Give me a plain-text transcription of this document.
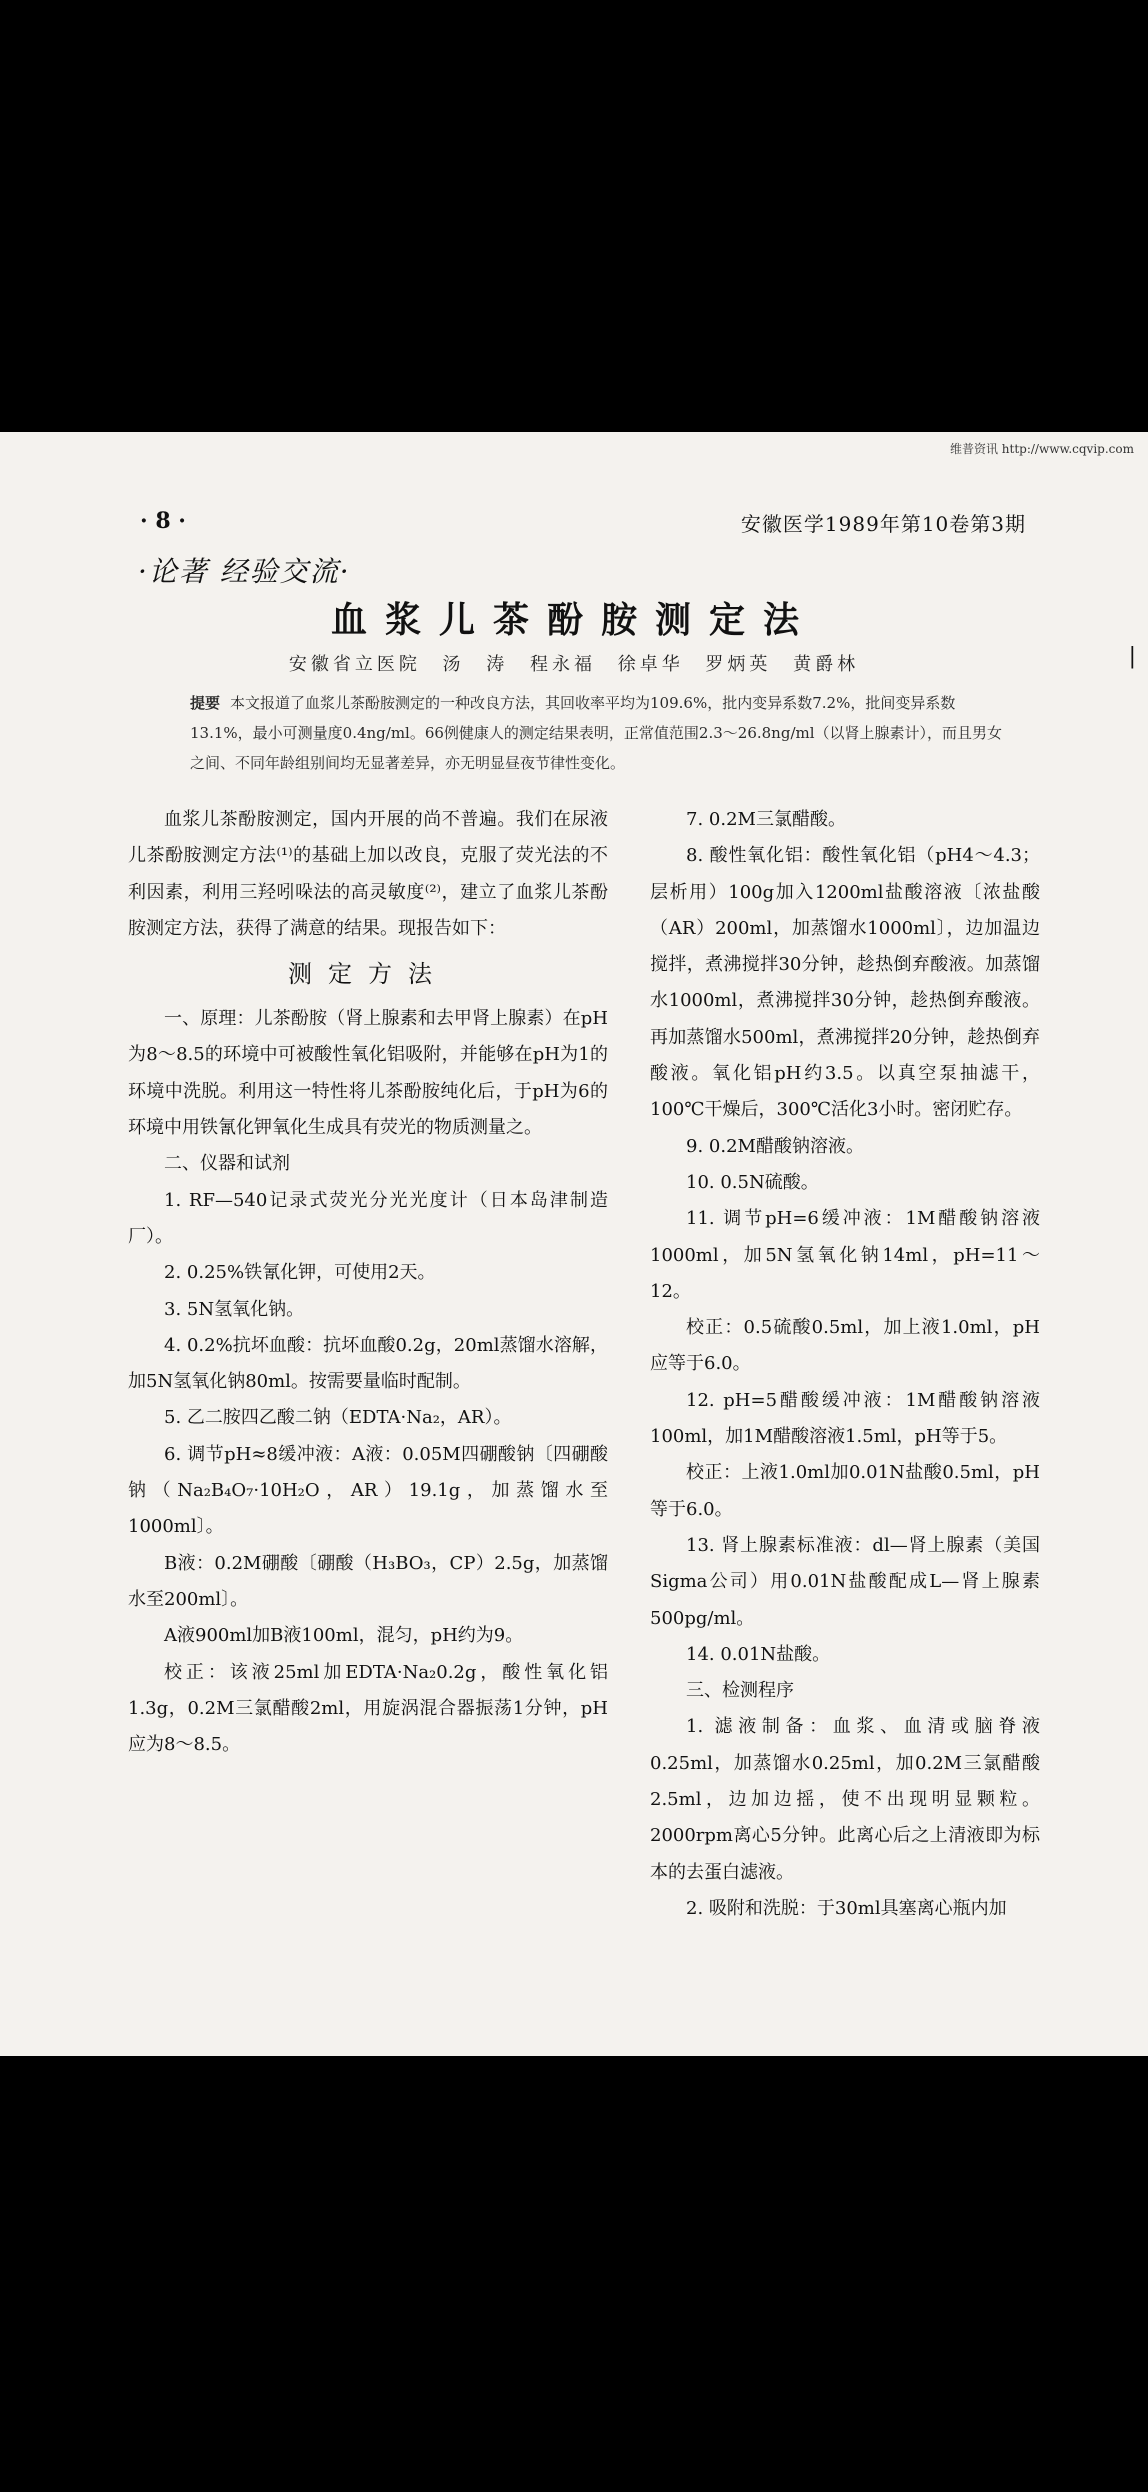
维普资讯 http://www.cqvip.com
|
· 8 ·	安徽医学1989年第10卷第3期
·论著 经验交流·
血浆儿茶酚胺测定法
安徽省立医院 汤 涛 程永福 徐卓华 罗炳英 黄爵林
提要 本文报道了血浆儿茶酚胺测定的一种改良方法，其回收率平均为109.6%，批内变异系数7.2%，批间变异系数13.1%，最小可测量度0.4ng/ml。66例健康人的测定结果表明，正常值范围2.3～26.8ng/ml（以肾上腺素计），而且男女之间、不同年龄组别间均无显著差异，亦无明显昼夜节律性变化。

血浆儿茶酚胺测定，国内开展的尚不普遍。我们在尿液儿茶酚胺测定方法⁽¹⁾的基础上加以改良，克服了荧光法的不利因素，利用三羟吲哚法的高灵敏度⁽²⁾，建立了血浆儿茶酚胺测定方法，获得了满意的结果。现报告如下：

测定方法

一、原理：儿茶酚胺（肾上腺素和去甲肾上腺素）在pH为8～8.5的环境中可被酸性氧化铝吸附，并能够在pH为1的环境中洗脱。利用这一特性将儿茶酚胺纯化后，于pH为6的环境中用铁氰化钾氧化生成具有荧光的物质测量之。

二、仪器和试剂

1. RF—540记录式荧光分光光度计（日本岛津制造厂）。

2. 0.25%铁氰化钾，可使用2天。

3. 5N氢氧化钠。

4. 0.2%抗坏血酸：抗坏血酸0.2g，20ml蒸馏水溶解，加5N氢氧化钠80ml。按需要量临时配制。

5. 乙二胺四乙酸二钠（EDTA·Na₂，AR）。

6. 调节pH≈8缓冲液：A液：0.05M四硼酸钠〔四硼酸钠（Na₂B₄O₇·10H₂O，AR）19.1g，加蒸馏水至1000ml〕。

B液：0.2M硼酸〔硼酸（H₃BO₃，CP）2.5g，加蒸馏水至200ml〕。

A液900ml加B液100ml，混匀，pH约为9。

校正：该液25ml加EDTA·Na₂0.2g，酸性氧化铝1.3g，0.2M三氯醋酸2ml，用旋涡混合器振荡1分钟，pH应为8～8.5。

7. 0.2M三氯醋酸。

8. 酸性氧化铝：酸性氧化铝（pH4～4.3；层析用）100g加入1200ml盐酸溶液〔浓盐酸（AR）200ml，加蒸馏水1000ml〕，边加温边搅拌，煮沸搅拌30分钟，趁热倒弃酸液。加蒸馏水1000ml，煮沸搅拌30分钟，趁热倒弃酸液。再加蒸馏水500ml，煮沸搅拌20分钟，趁热倒弃酸液。氧化铝pH约3.5。以真空泵抽滤干，100℃干燥后，300℃活化3小时。密闭贮存。

9. 0.2M醋酸钠溶液。

10. 0.5N硫酸。

11. 调节pH=6缓冲液：1M醋酸钠溶液1000ml，加5N氢氧化钠14ml，pH=11～12。

校正：0.5硫酸0.5ml，加上液1.0ml，pH应等于6.0。

12. pH=5醋酸缓冲液：1M醋酸钠溶液100ml，加1M醋酸溶液1.5ml，pH等于5。

校正：上液1.0ml加0.01N盐酸0.5ml，pH等于6.0。

13. 肾上腺素标准液：dl—肾上腺素（美国Sigma公司）用0.01N盐酸配成L—肾上腺素500pg/ml。

14. 0.01N盐酸。

三、检测程序

1. 滤液制备：血浆、血清或脑脊液0.25ml，加蒸馏水0.25ml，加0.2M三氯醋酸2.5ml，边加边摇，使不出现明显颗粒。2000rpm离心5分钟。此离心后之上清液即为标本的去蛋白滤液。

2. 吸附和洗脱：于30ml具塞离心瓶内加
